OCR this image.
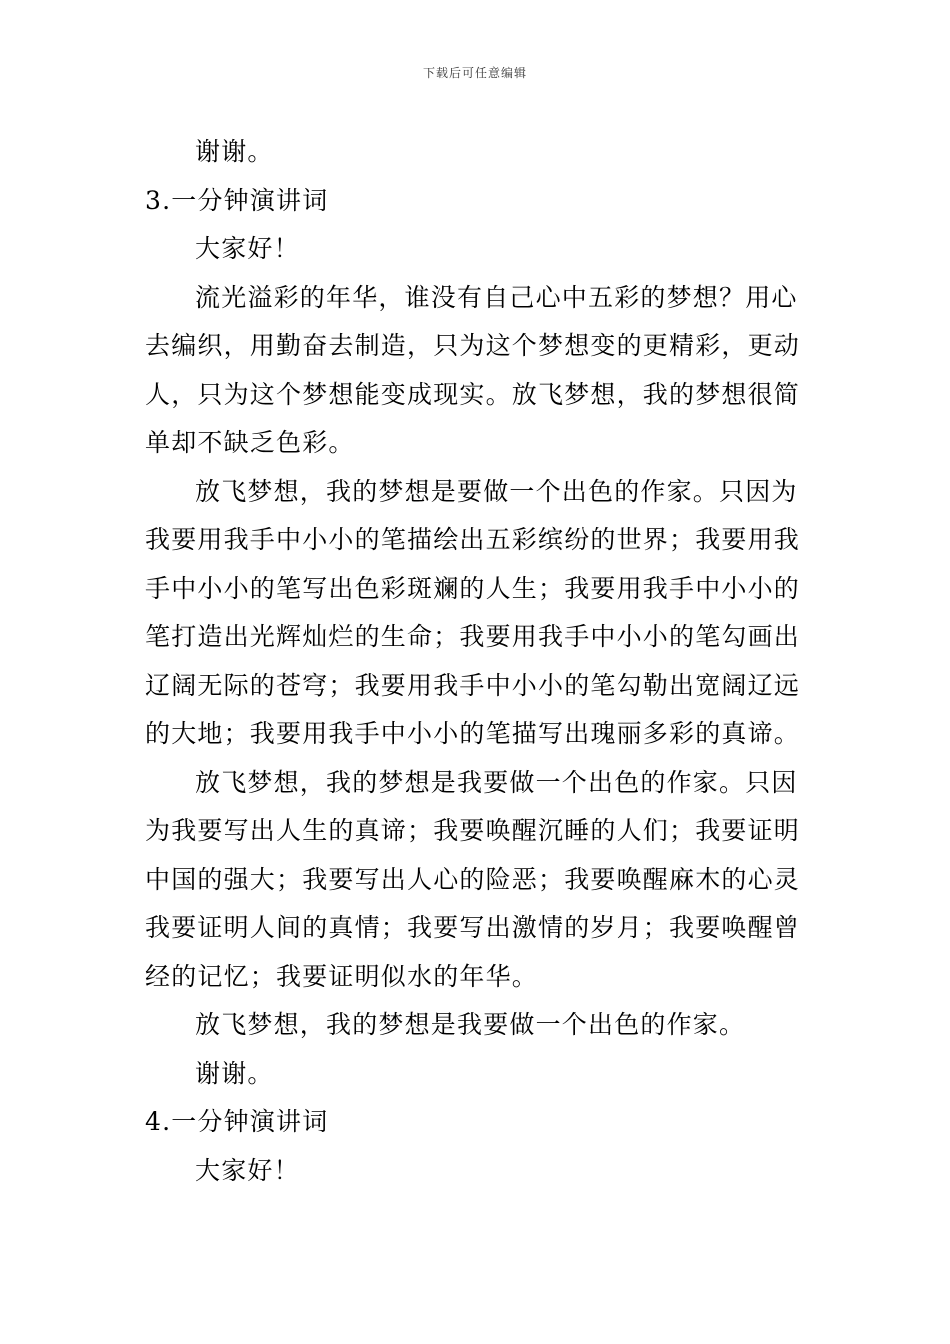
下载后可任意编辑
谢谢。
3.一分钟演讲词
大家好！
流光溢彩的年华，谁没有自己心中五彩的梦想？用心
去编织，用勤奋去制造，只为这个梦想变的更精彩，更动
人，只为这个梦想能变成现实。放飞梦想，我的梦想很简
单却不缺乏色彩。
放飞梦想，我的梦想是要做一个出色的作家。只因为
我要用我手中小小的笔描绘出五彩缤纷的世界；我要用我
手中小小的笔写出色彩斑斓的人生；我要用我手中小小的
笔打造出光辉灿烂的生命；我要用我手中小小的笔勾画出
辽阔无际的苍穹；我要用我手中小小的笔勾勒出宽阔辽远
的大地；我要用我手中小小的笔描写出瑰丽多彩的真谛。
放飞梦想，我的梦想是我要做一个出色的作家。只因
为我要写出人生的真谛；我要唤醒沉睡的人们；我要证明
中国的强大；我要写出人心的险恶；我要唤醒麻木的心灵
我要证明人间的真情；我要写出激情的岁月；我要唤醒曾
经的记忆；我要证明似水的年华。
放飞梦想，我的梦想是我要做一个出色的作家。
谢谢。
4.一分钟演讲词
大家好！
